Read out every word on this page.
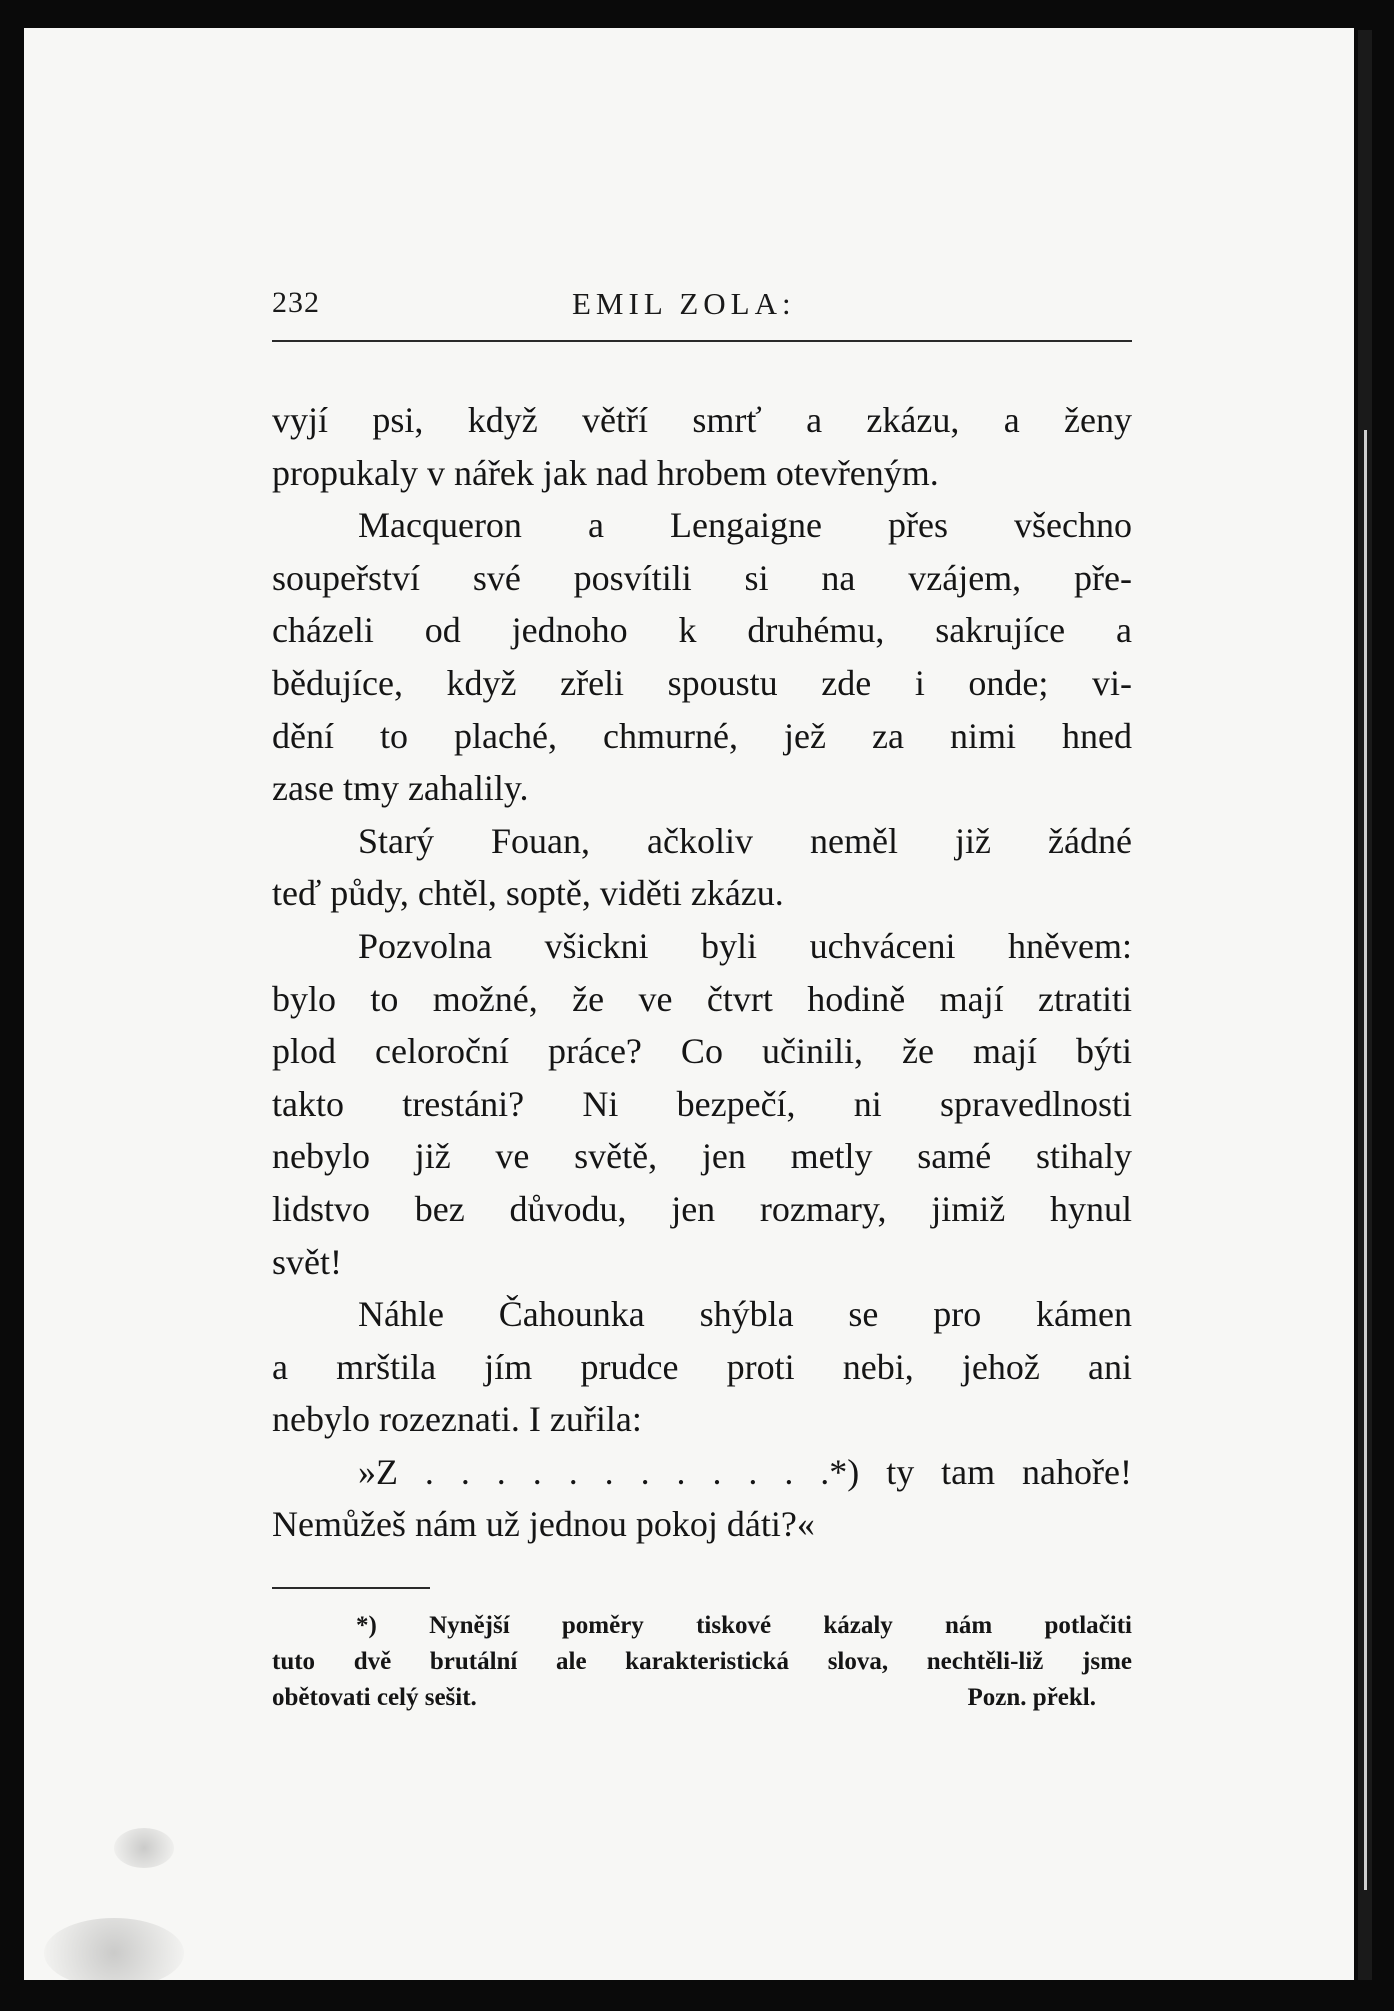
232	EMIL ZOLA:
vyjí psi, když větří smrť a zkázu, a ženy
propukaly v nářek jak nad hrobem otevřeným.
Macqueron a Lengaigne přes všechno
soupeřství své posvítili si na vzájem, pře-
cházeli od jednoho k druhému, sakrujíce a
bědujíce, když zřeli spoustu zde i onde; vi-
dění to plaché, chmurné, jež za nimi hned
zase tmy zahalily.
Starý Fouan, ačkoliv neměl již žádné
teď půdy, chtěl, soptě, viděti zkázu.
Pozvolna všickni byli uchváceni hněvem:
bylo to možné, že ve čtvrt hodině mají ztratiti
plod celoroční práce? Co učinili, že mají býti
takto trestáni? Ni bezpečí, ni spravedlnosti
nebylo již ve světě, jen metly samé stihaly
lidstvo bez důvodu, jen rozmary, jimiž hynul
svět!
Náhle Čahounka shýbla se pro kámen
a mrštila jím prudce proti nebi, jehož ani
nebylo rozeznati. I zuřila:
»Z . . . . . . . . . . . .*) ty tam nahoře!
Nemůžeš nám už jednou pokoj dáti?«
*) Nynější poměry tiskové kázaly nám potlačiti
tuto dvě brutální ale karakteristická slova, nechtěli-liž jsme
obětovati celý sešit.	Pozn. překl.
